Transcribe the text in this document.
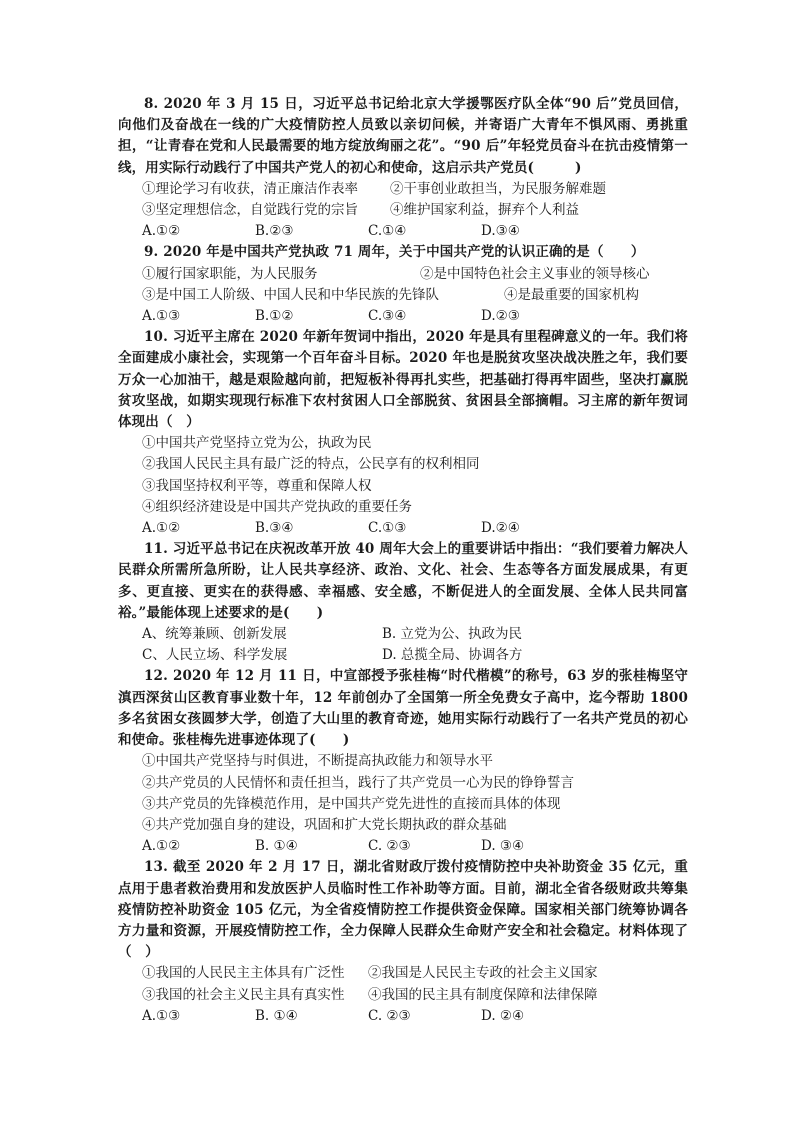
8. 2020 年 3 月 15 日，习近平总书记给北京大学援鄂医疗队全体“90 后”党员回信，向他们及奋战在一线的广大疫情防控人员致以亲切问候，并寄语广大青年不惧风雨、勇挑重担，“让青春在党和人民最需要的地方绽放绚丽之花”。“90 后”年轻党员奋斗在抗击疫情第一线，用实际行动践行了中国共产党人的初心和使命，这启示共产党员(　　　)

①理论学习有收获，清正廉洁作表率	②干事创业敢担当，为民服务解难题
③坚定理想信念，自觉践行党的宗旨	④维护国家利益，摒弃个人利益
A.①②	B.②③	C.①④	D.③④

9. 2020 年是中国共产党执政 71 周年，关于中国共产党的认识正确的是（　　）

①履行国家职能，为人民服务	②是中国特色社会主义事业的领导核心
③是中国工人阶级、中国人民和中华民族的先锋队	④是最重要的国家机构
A.①③	B.①②	C.③④	D.②③

10. 习近平主席在 2020 年新年贺词中指出，2020 年是具有里程碑意义的一年。我们将全面建成小康社会，实现第一个百年奋斗目标。2020 年也是脱贫攻坚决战决胜之年，我们要万众一心加油干，越是艰险越向前，把短板补得再扎实些，把基础打得再牢固些，坚决打赢脱贫攻坚战，如期实现现行标准下农村贫困人口全部脱贫、贫困县全部摘帽。习主席的新年贺词体现出（　）

①中国共产党坚持立党为公，执政为民

②我国人民民主具有最广泛的特点，公民享有的权利相同

③我国坚持权利平等，尊重和保障人权

④组织经济建设是中国共产党执政的重要任务

A.①②	B.③④	C.①③	D.②④

11. 习近平总书记在庆祝改革开放 40 周年大会上的重要讲话中指出：“我们要着力解决人民群众所需所急所盼，让人民共享经济、政治、文化、社会、生态等各方面发展成果，有更多、更直接、更实在的获得感、幸福感、安全感，不断促进人的全面发展、全体人民共同富裕。”最能体现上述要求的是(　　)

A、统筹兼顾、创新发展	B. 立党为公、执政为民
C、人民立场、科学发展	D. 总揽全局、协调各方

12. 2020 年 12 月 11 日，中宣部授予张桂梅“时代楷模”的称号，63 岁的张桂梅坚守滇西深贫山区教育事业数十年，12 年前创办了全国第一所全免费女子高中，迄今帮助 1800 多名贫困女孩圆梦大学，创造了大山里的教育奇迹，她用实际行动践行了一名共产党员的初心和使命。张桂梅先进事迹体现了(　　)

①中国共产党坚持与时俱进，不断提高执政能力和领导水平

②共产党员的人民情怀和责任担当，践行了共产党员一心为民的铮铮誓言

③共产党员的先锋模范作用，是中国共产党先进性的直接而具体的体现

④共产党加强自身的建设，巩固和扩大党长期执政的群众基础

A.①②	B. ①④	C. ②③	D. ③④

13. 截至 2020 年 2 月 17 日，湖北省财政厅拨付疫情防控中央补助资金 35 亿元，重点用于患者救治费用和发放医护人员临时性工作补助等方面。目前，湖北全省各级财政共筹集疫情防控补助资金 105 亿元，为全省疫情防控工作提供资金保障。国家相关部门统筹协调各方力量和资源，开展疫情防控工作，全力保障人民群众生命财产安全和社会稳定。材料体现了（　）

①我国的人民民主主体具有广泛性	②我国是人民民主专政的社会主义国家
③我国的社会主义民主具有真实性	④我国的民主具有制度保障和法律保障
A.①③	B. ①④	C. ②③	D. ②④
